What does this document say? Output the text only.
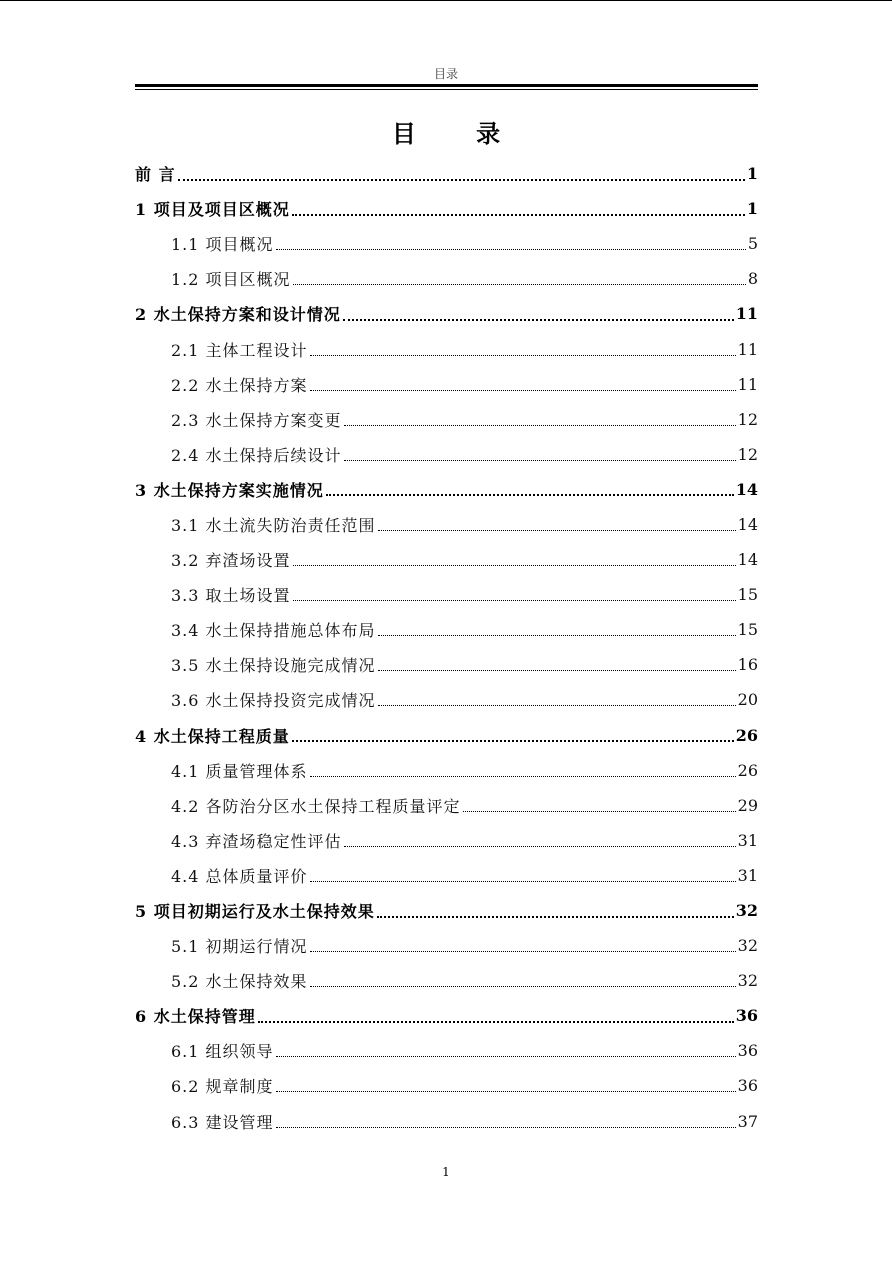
目录
目 录
前 言	1
1 项目及项目区概况	1
1.1 项目概况	5
1.2 项目区概况	8
2 水土保持方案和设计情况	11
2.1 主体工程设计	11
2.2 水土保持方案	11
2.3 水土保持方案变更	12
2.4 水土保持后续设计	12
3 水土保持方案实施情况	14
3.1 水土流失防治责任范围	14
3.2 弃渣场设置	14
3.3 取土场设置	15
3.4 水土保持措施总体布局	15
3.5 水土保持设施完成情况	16
3.6 水土保持投资完成情况	20
4 水土保持工程质量	26
4.1 质量管理体系	26
4.2 各防治分区水土保持工程质量评定	29
4.3 弃渣场稳定性评估	31
4.4 总体质量评价	31
5 项目初期运行及水土保持效果	32
5.1 初期运行情况	32
5.2 水土保持效果	32
6 水土保持管理	36
6.1 组织领导	36
6.2 规章制度	36
6.3 建设管理	37
1
